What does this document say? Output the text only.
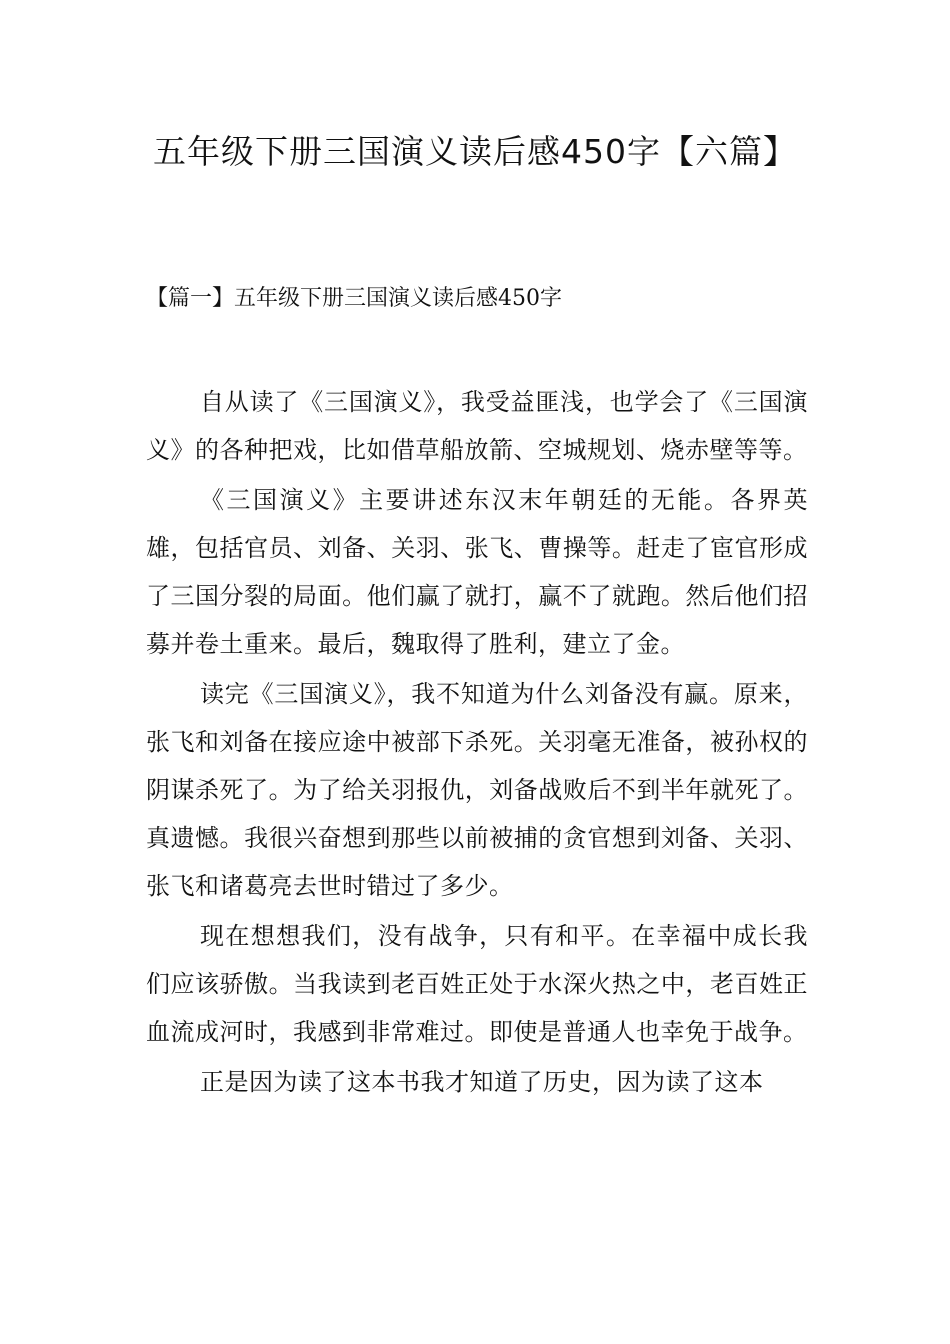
五年级下册三国演义读后感450字【六篇】

【篇一】五年级下册三国演义读后感450字

自从读了《三国演义》，我受益匪浅，也学会了《三国演义》的各种把戏，比如借草船放箭、空城规划、烧赤壁等等。

《三国演义》主要讲述东汉末年朝廷的无能。各界英雄，包括官员、刘备、关羽、张飞、曹操等。赶走了宦官形成了三国分裂的局面。他们赢了就打，赢不了就跑。然后他们招募并卷土重来。最后，魏取得了胜利，建立了金。

读完《三国演义》，我不知道为什么刘备没有赢。原来，张飞和刘备在接应途中被部下杀死。关羽毫无准备，被孙权的阴谋杀死了。为了给关羽报仇，刘备战败后不到半年就死了。真遗憾。我很兴奋想到那些以前被捕的贪官想到刘备、关羽、张飞和诸葛亮去世时错过了多少。

现在想想我们，没有战争，只有和平。在幸福中成长我们应该骄傲。当我读到老百姓正处于水深火热之中，老百姓正血流成河时，我感到非常难过。即使是普通人也幸免于战争。

正是因为读了这本书我才知道了历史，因为读了这本
